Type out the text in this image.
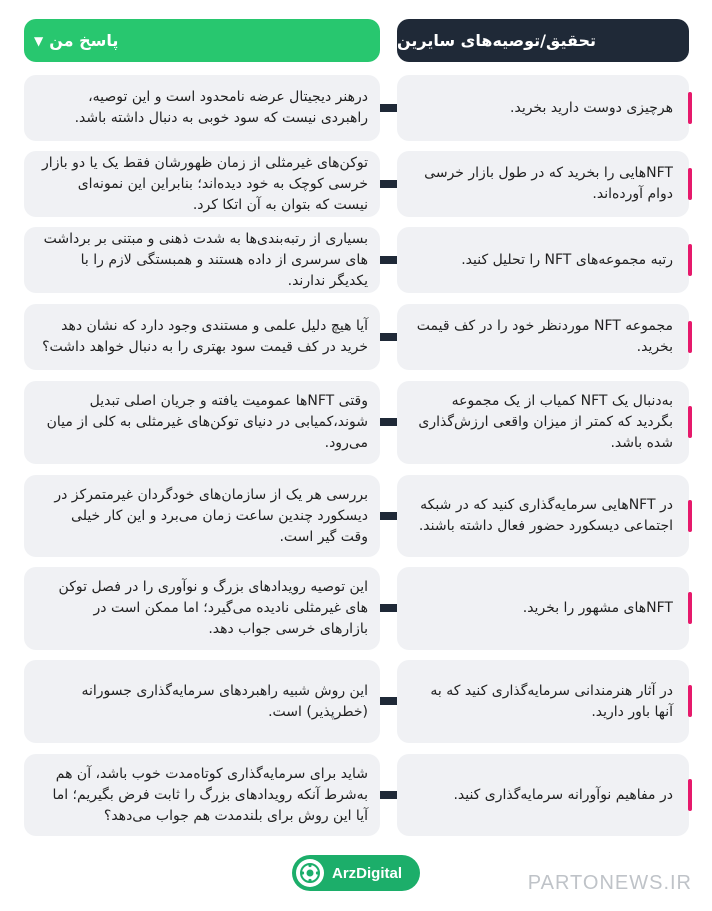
پاسخ من
▼	تحقیق/توصیه‌های سایرین
هرچیزی دوست دارید بخرید.
درهنر دیجیتال عرضه نامحدود است و این توصیه، راهبردی نیست که سود خوبی به دنبال داشته باشد.
NFTهایی را بخرید که در طول بازار خرسی دوام آورده‌اند.
توکن‌های غیرمثلی از زمان ظهورشان فقط یک یا دو بازار خرسی کوچک به خود دیده‌اند؛ بنابراین این نمونه‌ای نیست که بتوان به آن اتکا کرد.
رتبه مجموعه‌های NFT را تحلیل کنید.
بسیاری از رتبه‌بندی‌ها به شدت ذهنی و مبتنی بر برداشت های سرسری از داده هستند و همبستگی لازم را با یکدیگر ندارند.
مجموعه NFT موردنظر خود را در کف قیمت بخرید.
آیا هیچ دلیل علمی و مستندی وجود دارد که نشان دهد خرید در کف قیمت سود بهتری را به دنبال خواهد داشت؟
به‌دنبال یک NFT کمیاب از یک مجموعه بگردید که کمتر از میزان واقعی ارزش‌گذاری شده باشد.
وقتی NFTها عمومیت یافته و جریان اصلی تبدیل شوند،کمیابی در دنیای توکن‌های غیرمثلی به کلی از میان می‌رود.
در NFTهایی سرمایه‌گذاری کنید که در شبکه اجتماعی دیسکورد حضور فعال داشته باشند.
بررسی هر یک از سازمان‌های خودگردان غیرمتمرکز در دیسکورد چندین ساعت زمان می‌برد و این کار خیلی وقت گیر است.
NFTهای مشهور را بخرید.
این توصیه رویدادهای بزرگ و نوآوری را در فصل توکن های غیرمثلی نادیده می‌گیرد؛ اما ممکن است در بازارهای خرسی جواب دهد.
در آثار هنرمندانی سرمایه‌گذاری کنید که به آنها باور دارید.
این روش شبیه راهبردهای سرمایه‌گذاری جسورانه (خطرپذیر) است.
در مفاهیم نوآورانه سرمایه‌گذاری کنید.
شاید برای سرمایه‌گذاری کوتاه‌مدت خوب باشد، آن هم به‌شرط آنکه رویدادهای بزرگ را ثابت فرض بگیریم؛ اما آیا این روش برای بلندمدت هم جواب می‌دهد؟
ArzDigital	PARTONEWS.IR
